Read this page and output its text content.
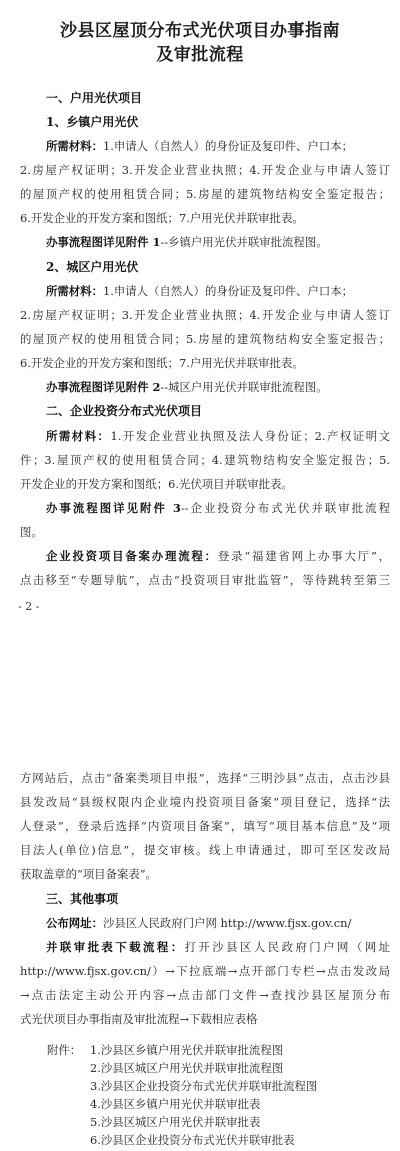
沙县区屋顶分布式光伏项目办事指南
及审批流程
一、户用光伏项目
1、乡镇户用光伏
所需材料：1.申请人（自然人）的身份证及复印件、户口本；
2.房屋产权证明；3.开发企业营业执照；4.开发企业与申请人签订
的屋顶产权的使用租赁合同；5.房屋的建筑物结构安全鉴定报告；
6.开发企业的开发方案和图纸；7.户用光伏并联审批表。
办事流程图详见附件 1--乡镇户用光伏并联审批流程图。
2、城区户用光伏
所需材料：1.申请人（自然人）的身份证及复印件、户口本；
2.房屋产权证明；3.开发企业营业执照；4.开发企业与申请人签订
的屋顶产权的使用租赁合同；5.房屋的建筑物结构安全鉴定报告；
6.开发企业的开发方案和图纸；7.户用光伏并联审批表。
办事流程图详见附件 2--城区户用光伏并联审批流程图。
二、企业投资分布式光伏项目
所需材料：1.开发企业营业执照及法人身份证；2.产权证明文
件；3.屋顶产权的使用租赁合同；4.建筑物结构安全鉴定报告；5.
开发企业的开发方案和图纸；6.光伏项目并联审批表。
办事流程图详见附件 3--企业投资分布式光伏并联审批流程
图。
企业投资项目备案办理流程：登录“福建省网上办事大厅”，
点击移至“专题导航”，点击“投资项目审批监管”，等待跳转至第三
- 2 -
方网站后，点击“备案类项目申报”，选择“三明沙县”点击，点击沙县
县发改局“县级权限内企业境内投资项目备案”项目登记，选择“法
人登录”，登录后选择“内资项目备案”，填写“项目基本信息”及“项
目法人(单位)信息”，提交审核。线上申请通过，即可至区发改局
获取盖章的“项目备案表”。
三、其他事项
公布网址：沙县区人民政府门户网 http://www.fjsx.gov.cn/
并联审批表下载流程：打开沙县区人民政府门户网（网址
http://www.fjsx.gov.cn/）→下拉底端→点开部门专栏→点击发改局
→点击法定主动公开内容→点击部门文件→查找沙县区屋顶分布
式光伏项目办事指南及审批流程→下载相应表格
附件： 1.沙县区乡镇户用光伏并联审批流程图
2.沙县区城区户用光伏并联审批流程图
3.沙县区企业投资分布式光伏并联审批流程图
4.沙县区乡镇户用光伏并联审批表
5.沙县区城区户用光伏并联审批表
6.沙县区企业投资分布式光伏并联审批表
